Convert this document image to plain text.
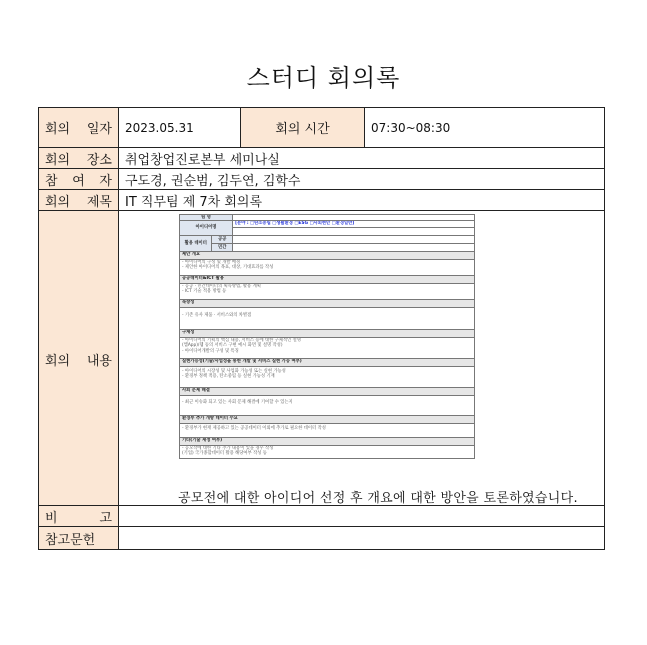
스터디 회의록
회의 일자	2023.05.31	회의 시간	07:30~08:30
회의 장소	취업창업진로본부 세미나실
참 여 자	구도경, 권순범, 김두연, 김학수
회의 제목	IT 직무팀 제 7차 회의록
회의 내용	
팀 명	
아이디어명	[분야 : □탄소중립 □생활환경 □ESG □사회현안 □환경일반]

활용 데이터	공공	
민간	
제안 개요

- 아이디어의 구성 및 개발 배경
- 제안한 아이디어의 목표, 대상, 기대효과를 작성

공공데이터&ICT 활용

- 공공 · 민간데이터의 획득방법, 활용 계획
- ICT 기술 적용 방법 등

독창성

- 기존 유사 제품 · 서비스와의 차별점

구체성

- 아이디어의 기획의 핵심 내용, 서비스 등에 대한 구체적인 설명
(앱App)/웹 등의 서비스 구현 예시 화면 및 설명 작성)
- 아이디어개발의 구성 및 특징

실현가능성(기술/사업성을 통한 개발 및 서비스 실현 가능 여부)

- 아이디어의 시장성 및 사업화 가능성 또는 실현 가능성
- 환경부 정책 적용, 탄소중립 등 실현 가능성 기재

사회 문제 해결

- 최근 이슈화 되고 있는 사회 문제 해결에 기여할 수 있는지

환경부 추가 개방 데이터 수요

- 환경부가 현재 제공하고 있는 공공데이터 이외에 추가로 필요한 데이터 작성

기타(기술 재정 여부)

- 공모작에 대한 기타 추가 내용이 있을 경우 작성
(기업) 국가종합데이터 활용 해당여부 작성 등
공모전에 대한 아이디어 선정 후 개요에 대한 방안을 토론하였습니다.

비 고	
참고문헌	
